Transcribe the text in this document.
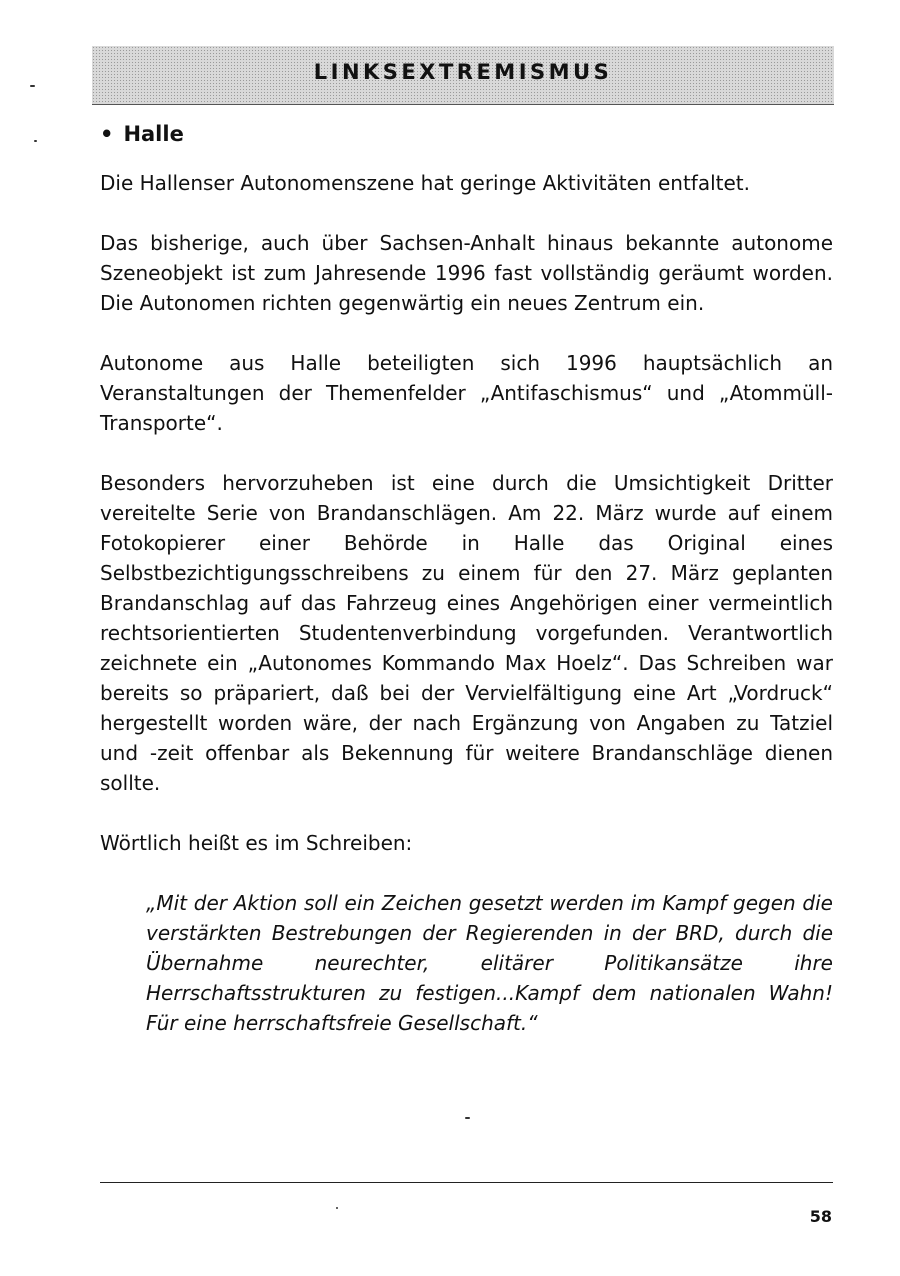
LINKSEXTREMISMUS
• Halle

Die Hallenser Autonomenszene hat geringe Aktivitäten entfaltet.

Das bisherige, auch über Sachsen-Anhalt hinaus bekannte autonome Szeneobjekt ist zum Jahresende 1996 fast vollständig geräumt worden. Die Autonomen richten gegenwärtig ein neues Zentrum ein.

Autonome aus Halle beteiligten sich 1996 hauptsächlich an Veranstaltungen der Themenfelder „Antifaschismus“ und „Atommüll-Transporte“.

Besonders hervorzuheben ist eine durch die Umsichtigkeit Dritter vereitelte Serie von Brandanschlägen. Am 22. März wurde auf einem Fotokopierer einer Behörde in Halle das Original eines Selbstbezichtigungsschreibens zu einem für den 27. März geplanten Brandanschlag auf das Fahrzeug eines Angehörigen einer vermeintlich rechtsorientierten Studentenverbindung vorgefunden. Verantwortlich zeichnete ein „Autonomes Kommando Max Hoelz“. Das Schreiben war bereits so präpariert, daß bei der Vervielfältigung eine Art „Vordruck“ hergestellt worden wäre, der nach Ergänzung von Angaben zu Tatziel und -zeit offenbar als Bekennung für weitere Brandanschläge dienen sollte.

Wörtlich heißt es im Schreiben:

„Mit der Aktion soll ein Zeichen gesetzt werden im Kampf gegen die verstärkten Bestrebungen der Regierenden in der BRD, durch die Übernahme neurechter, elitärer Politikansätze ihre Herrschaftsstrukturen zu festigen...Kampf dem nationalen Wahn! Für eine herrschaftsfreie Gesellschaft.“

58
